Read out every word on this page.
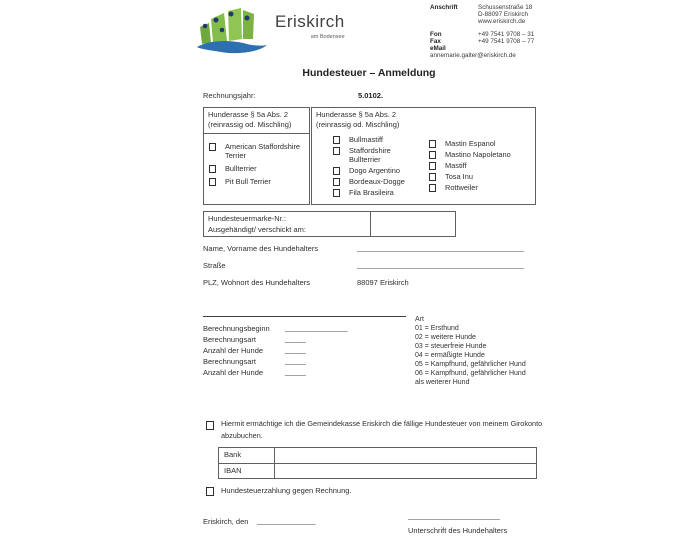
Eriskirch
am Bodensee
Anschrift	Schussenstraße 18
D-88097 Eriskirch
www.eriskirch.de
Fon	+49 7541 9708 – 31
Fax	+49 7541 9708 – 77
eMail
annemarie.galter@eriskirch.de
Hundesteuer – Anmeldung
Rechnungsjahr:	5.0102.
Hunderasse § 5a Abs. 2
(reinrassig od. Mischling)
American Staffordshire Terrier
Bullterrier
Pit Bull Terrier
Hunderasse § 5a Abs. 2
(reinrassig od. Mischling)
Bullmastiff
Staffordshire Bullterrier
Dogo Argentino
Bordeaux-Dogge
Fila Brasileira
Mastin Espanol
Mastino Napoletano
Mastiff
Tosa Inu
Rottweiler
Hundesteuermarke-Nr.:
Ausgehändigt/ verschickt am:
Name, Vorname des Hundehalters	________________________________________
Straße	________________________________________
PLZ, Wohnort des Hundehalters	88097 Eriskirch
Berechnungsbeginn _______________
Berechnungsart	_____
Anzahl der Hunde	_____
Berechnungsart	_____
Anzahl der Hunde	_____
Art
01 = Ersthund
02 = weitere Hunde
03 = steuerfreie Hunde
04 = ermäßigte Hunde
05 = Kampfhund, gefährlicher Hund
06 = Kampfhund, gefährlicher Hund
als weiterer Hund
Hiermit ermächtige ich die Gemeindekasse Eriskirch die fällige Hundesteuer von meinem Girokonto abzubuchen.
Bank
IBAN
Hundesteuerzahlung gegen Rechnung.
Eriskirch, den ______________
______________________
Unterschrift des Hundehalters
